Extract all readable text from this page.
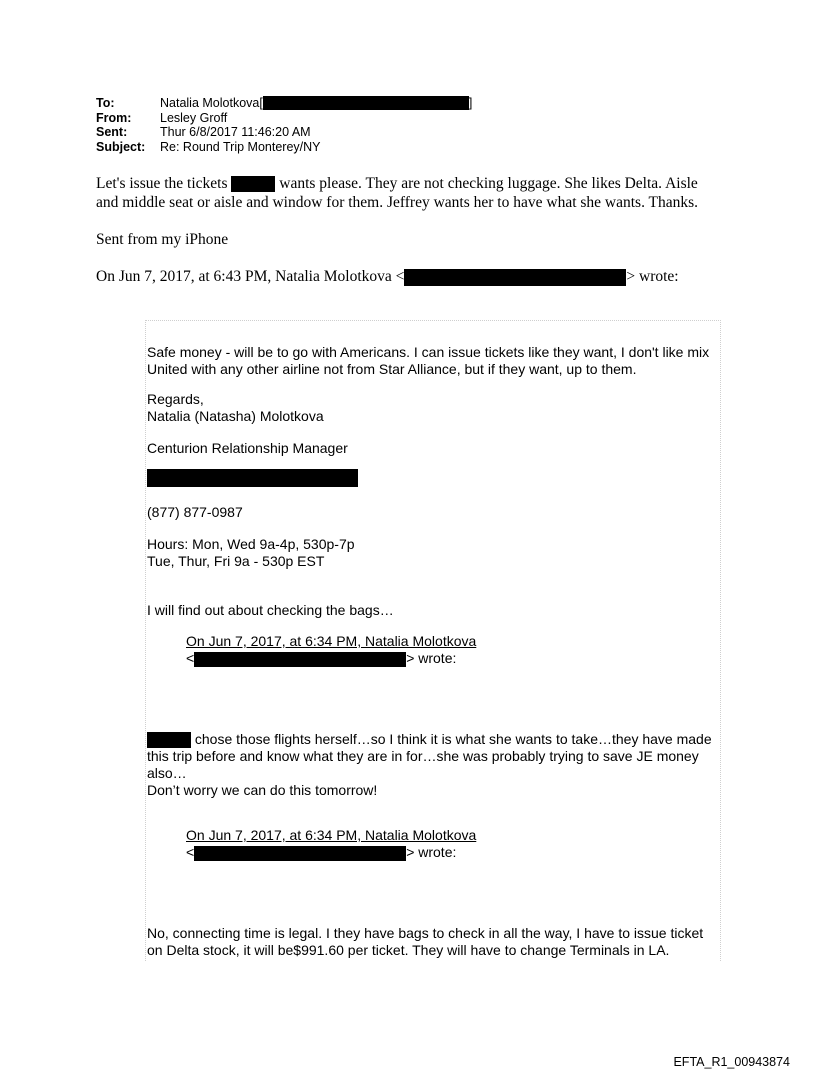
To:	Natalia Molotkova[	]
From:	Lesley Groff
Sent:	Thur 6/8/2017 11:46:20 AM
Subject:	Re: Round Trip Monterey/NY
Let's issue the tickets	wants please. They are not checking luggage. She likes Delta. Aisle
and middle seat or aisle and window for them. Jeffrey wants her to have what she wants. Thanks.
Sent from my iPhone
On Jun 7, 2017, at 6:43 PM, Natalia Molotkova <	> wrote:
Safe money - will be to go with Americans. I can issue tickets like they want, I don't like mix
United with any other airline not from Star Alliance, but if they want, up to them.
Regards,
Natalia (Natasha) Molotkova
Centurion Relationship Manager
(877) 877-0987
Hours: Mon, Wed 9a-4p, 530p-7p
Tue, Thur, Fri 9a - 530p EST
I will find out about checking the bags…
On Jun 7, 2017, at 6:34 PM, Natalia Molotkova
<	> wrote:
chose those flights herself…so I think it is what she wants to take…they have made
this trip before and know what they are in for…she was probably trying to save JE money
also…
Don’t worry we can do this tomorrow!
On Jun 7, 2017, at 6:34 PM, Natalia Molotkova
<	> wrote:
No, connecting time is legal. I they have bags to check in all the way, I have to issue ticket
on Delta stock, it will be$991.60 per ticket. They will have to change Terminals in LA.
EFTA_R1_00943874
